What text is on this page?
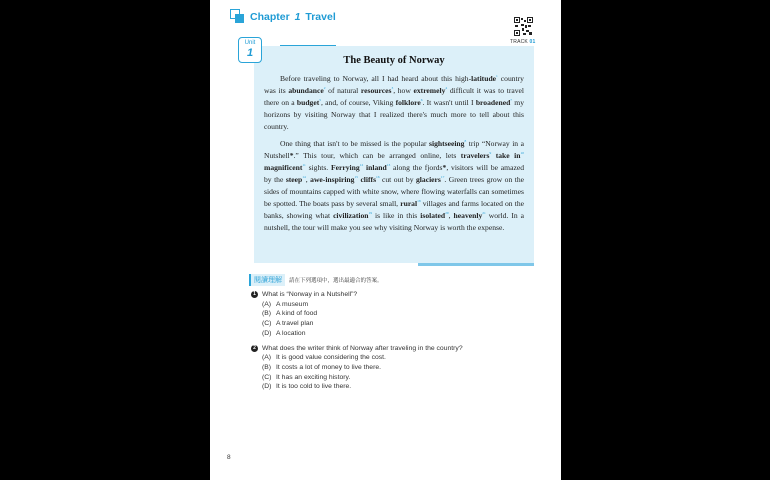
Chapter 1 Travel
TRACK 01
Unit
1
The Beauty of Norway

Before traveling to Norway, all I had heard about this high-latitude$^1$ country was its abundance$^2$ of natural resources$^3$, how extremely$^4$ difficult it was to travel there on a budget$^5$, and, of course, Viking folklore$^6$. It wasn't until I broadened$^7$ my horizons by visiting Norway that I realized there's much more to tell about this country.

One thing that isn't to be missed is the popular sightseeing$^8$ trip “Norway in a Nutshell*.” This tour, which can be arranged online, lets travelers$^9$ take $in^{10}$ magnificent$^{11}$ sights. Ferrying$^{12}$ inland$^{13}$ along the fjords*, visitors will be amazed by the steep$^{14}$, awe-inspiring$^{15}$ cliffs$^{16}$ cut out by glaciers$^{17}$. Green trees grow on the sides of mountains capped with white snow, where flowing waterfalls can sometimes be spotted. The boats pass by several small, rural$^{18}$ villages and farms located on the banks, showing what civilization$^{19}$ is like in this isolated$^{20}$, heavenly$^{21}$ world. In a nutshell, the tour will make you see why visiting Norway is worth the expense.

閱讀理解	請在下列選項中，選出最適合的答案。
1 What is “Norway in a Nutshell”?
(A) A museum
(B) A kind of food
(C) A travel plan
(D) A location
2 What does the writer think of Norway after traveling in the country?
(A) It is good value considering the cost.
(B) It costs a lot of money to live there.
(C) It has an exciting history.
(D) It is too cold to live there.
8
